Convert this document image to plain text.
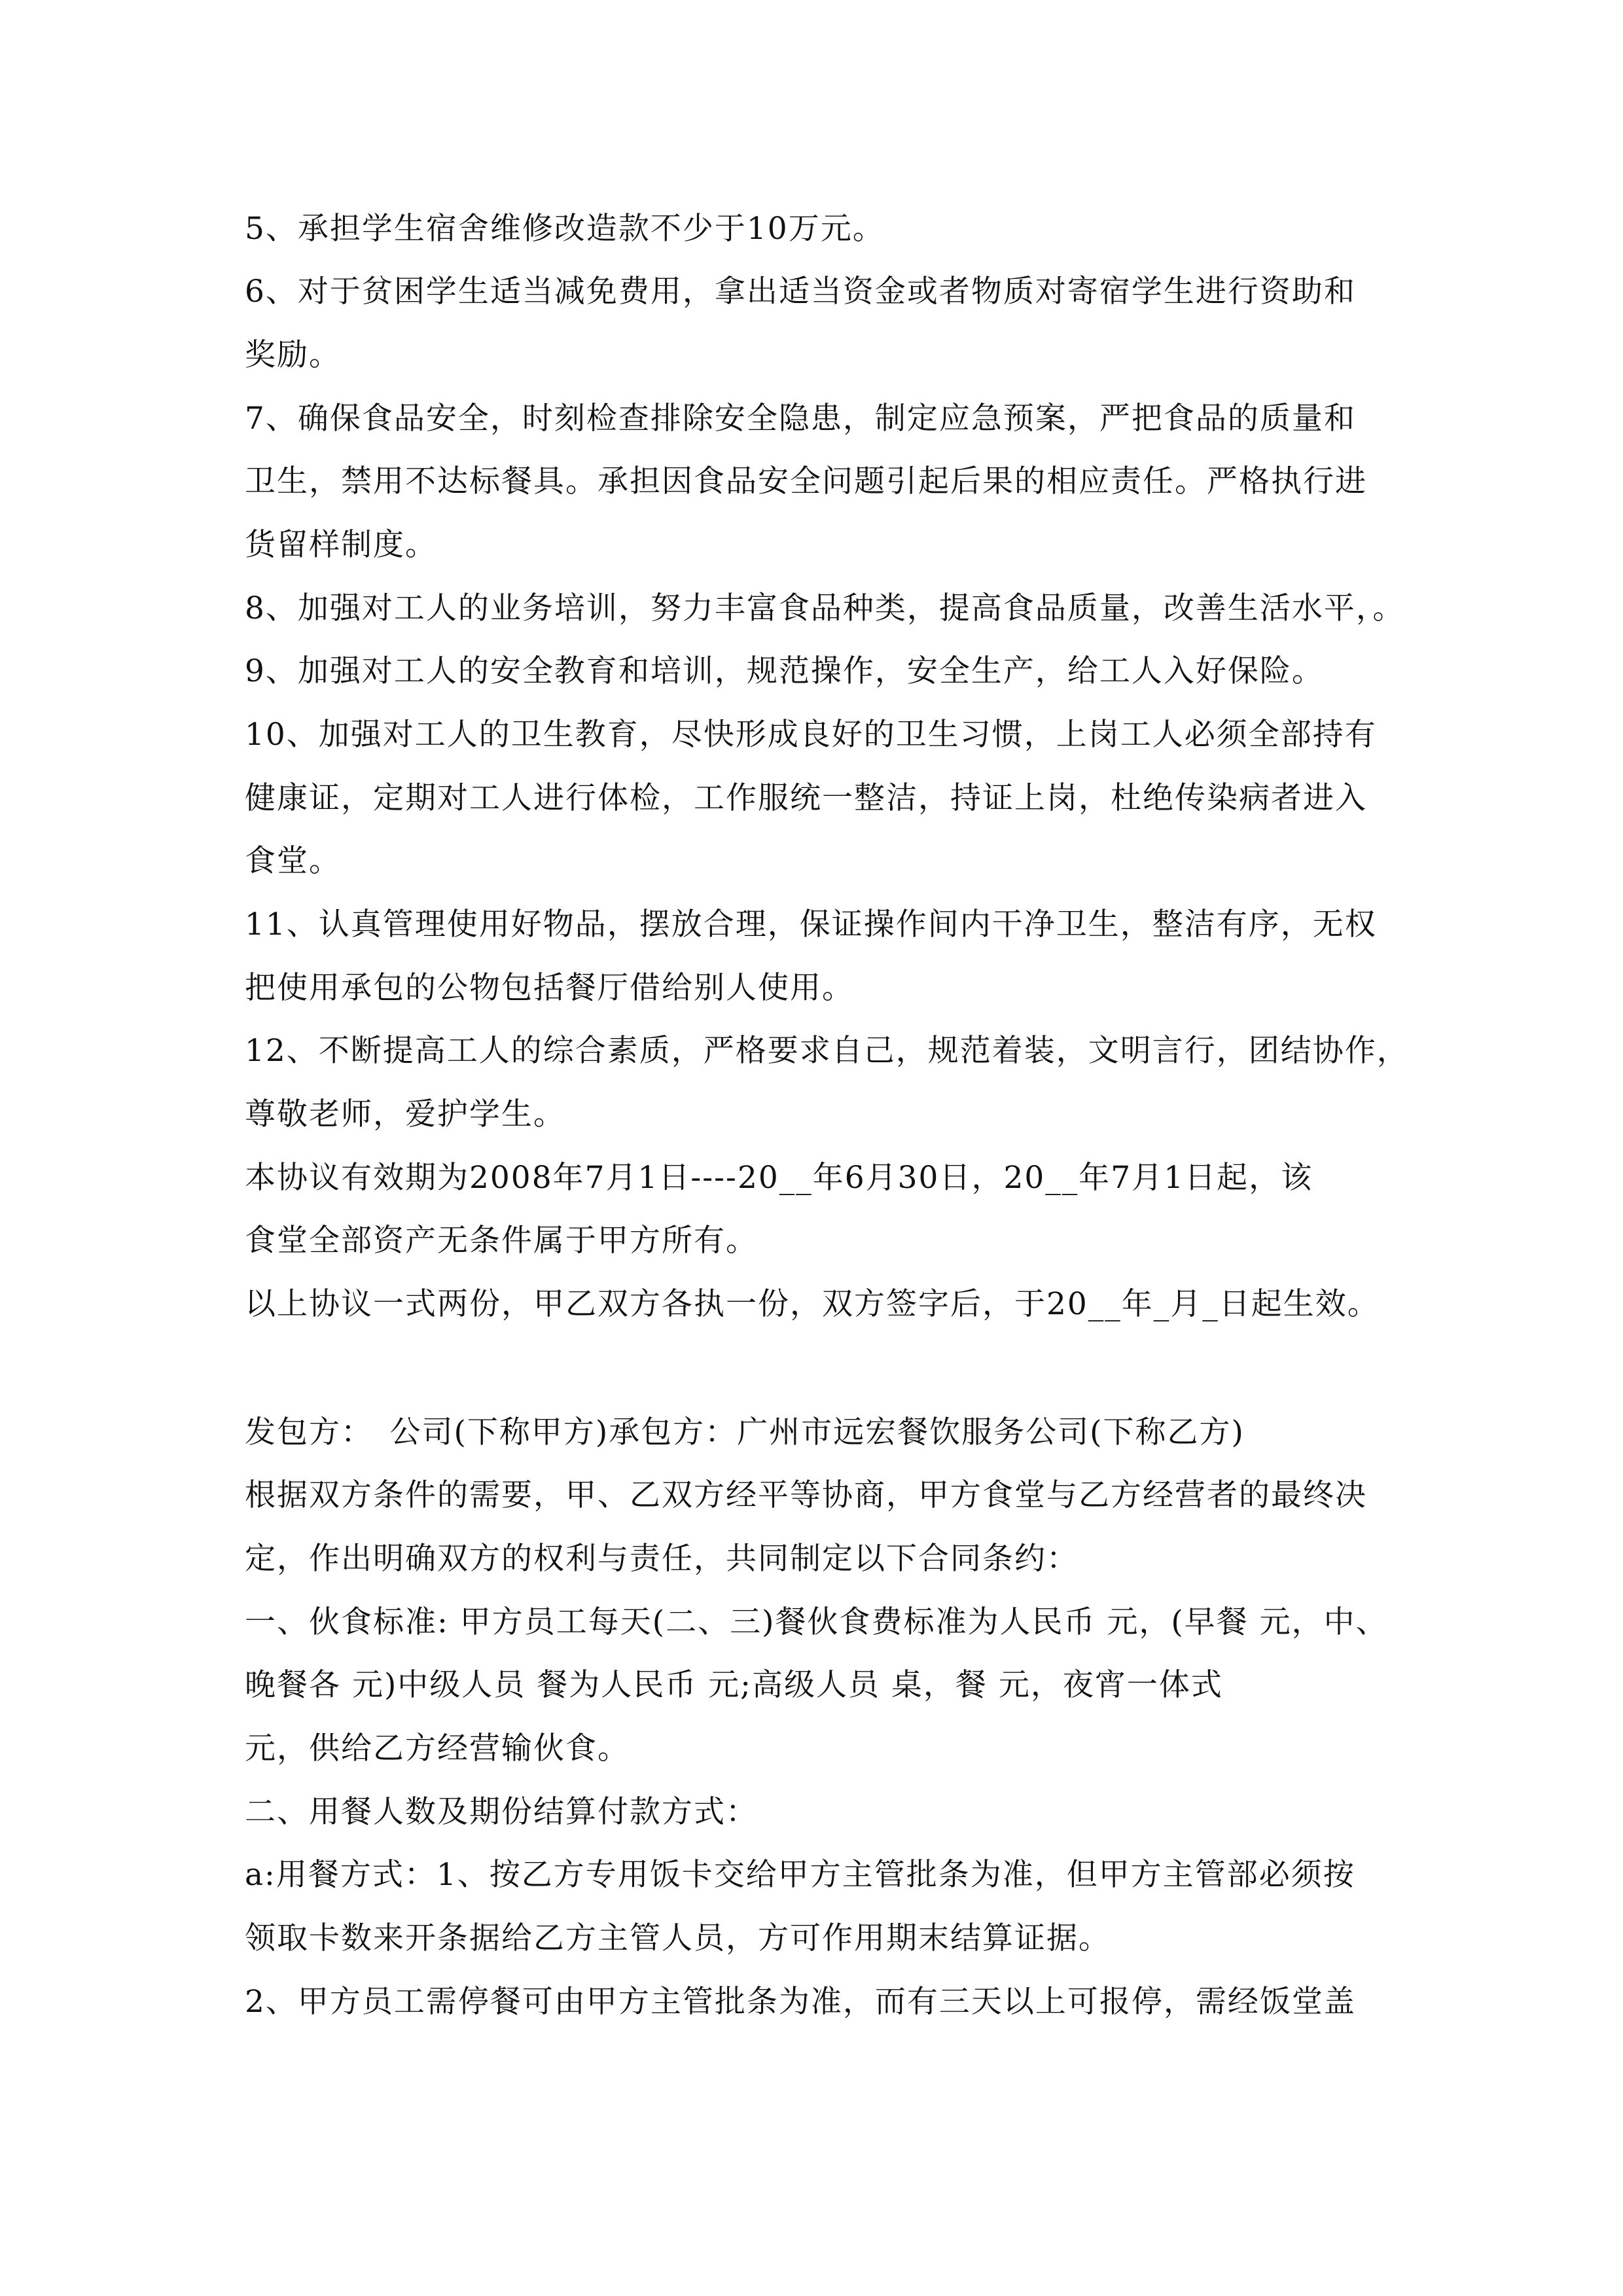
5、承担学生宿舍维修改造款不少于10万元。
6、对于贫困学生适当减免费用，拿出适当资金或者物质对寄宿学生进行资助和
奖励。
7、确保食品安全，时刻检查排除安全隐患，制定应急预案，严把食品的质量和
卫生，禁用不达标餐具。承担因食品安全问题引起后果的相应责任。严格执行进
货留样制度。
8、加强对工人的业务培训，努力丰富食品种类，提高食品质量，改善生活水平，。
9、加强对工人的安全教育和培训，规范操作，安全生产，给工人入好保险。
10、加强对工人的卫生教育，尽快形成良好的卫生习惯，上岗工人必须全部持有
健康证，定期对工人进行体检，工作服统一整洁，持证上岗，杜绝传染病者进入
食堂。
11、认真管理使用好物品，摆放合理，保证操作间内干净卫生，整洁有序，无权
把使用承包的公物包括餐厅借给别人使用。
12、不断提高工人的综合素质，严格要求自己，规范着装，文明言行，团结协作，
尊敬老师，爱护学生。
本协议有效期为2008年7月1日----20__年6月30日，20__年7月1日起，该
食堂全部资产无条件属于甲方所有。
以上协议一式两份，甲乙双方各执一份，双方签字后，于20__年_月_日起生效。
发包方：　公司(下称甲方)承包方：广州市远宏餐饮服务公司(下称乙方)
根据双方条件的需要，甲、乙双方经平等协商，甲方食堂与乙方经营者的最终决
定，作出明确双方的权利与责任，共同制定以下合同条约：
一、伙食标准: 甲方员工每天(二、三)餐伙食费标准为人民币 元，(早餐 元，中、
晚餐各 元)中级人员 餐为人民币 元;高级人员 桌，餐 元，夜宵一体式
元，供给乙方经营输伙食。
二、用餐人数及期份结算付款方式：
a:用餐方式：1、按乙方专用饭卡交给甲方主管批条为准，但甲方主管部必须按
领取卡数来开条据给乙方主管人员，方可作用期末结算证据。
2、甲方员工需停餐可由甲方主管批条为准，而有三天以上可报停，需经饭堂盖
